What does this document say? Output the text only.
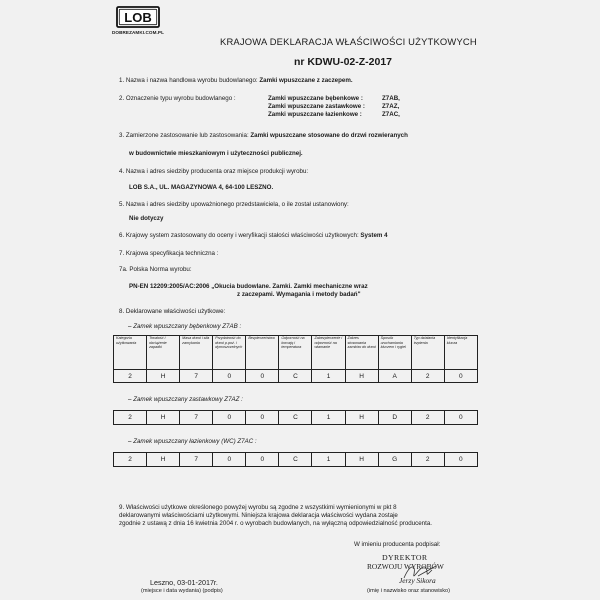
LOB
DOBREZAMKI.COM.PL
KRAJOWA DEKLARACJA WŁAŚCIWOŚCI UŻYTKOWYCH
nr KDWU-02-Z-2017
1. Nazwa i nazwa handlowa wyrobu budowlanego: Zamki wpuszczane z zaczepem.
2. Oznaczenie typu wyrobu budowlanego :	Zamki wpuszczane bębenkowe :	Z7AB,
Zamki wpuszczane zastawkowe :	Z7AZ,
Zamki wpuszczane łazienkowe :	Z7AC,
3. Zamierzone zastosowanie lub zastosowania: Zamki wpuszczane stosowane do drzwi rozwieranych
w budownictwie mieszkaniowym i użyteczności publicznej.
4. Nazwa i adres siedziby producenta oraz miejsce produkcji wyrobu:
LOB S.A., UL. MAGAZYNOWA 4, 64-100 LESZNO.
5. Nazwa i adres siedziby upoważnionego przedstawiciela, o ile został ustanowiony:
Nie dotyczy
6. Krajowy system zastosowany do oceny i weryfikacji stałości właściwości użytkowych: System 4
7. Krajowa specyfikacja techniczna :
7a. Polska Norma wyrobu:
PN-EN 12209:2005/AC:2006 „Okucia budowlane. Zamki. Zamki mechaniczne wraz
z zaczepami. Wymagania i metody badań"
8. Deklarowane właściwości użytkowe:
– Zamek wpuszczany bębenkowy Z7AB :
Kategoria użytkowania	Trwałość i obciążenie zapadki	Masa drzwi i siła zamykania	Przydatność do drzwi p.poż. i dymoszczelnych	Bezpieczeństwo	Odporność na korozję i temperatura	Zabezpieczenie i odporność na włamanie	Zakres stosowania zamków do drzwi	Sposób uruchamiania kluczem i rygiel	Typ działania trzpienia	Identyfikacja klucza
2	H	7	0	0	C	1	H	A	2	0
– Zamek wpuszczany zastawkowy Z7AZ :
2	H	7	0	0	C	1	H	D	2	0
– Zamek wpuszczany łazienkowy (WC) Z7AC :
2	H	7	0	0	C	1	H	G	2	0
9. Właściwości użytkowe określonego powyżej wyrobu są zgodne z wszystkimi wymienionymi w pkt 8
deklarowanymi właściwościami użytkowymi. Niniejsza krajowa deklaracja właściwości wydana zostaje
zgodnie z ustawą z dnia 16 kwietnia 2004 r. o wyrobach budowlanych, na wyłączną odpowiedzialność producenta.
W imieniu producenta podpisał:
DYREKTOR
ROZWOJU WYROBÓW
Jerzy Sikora
(imię i nazwisko oraz stanowisko)
Leszno, 03-01-2017r.
(miejsce i data wydania) (podpis)
